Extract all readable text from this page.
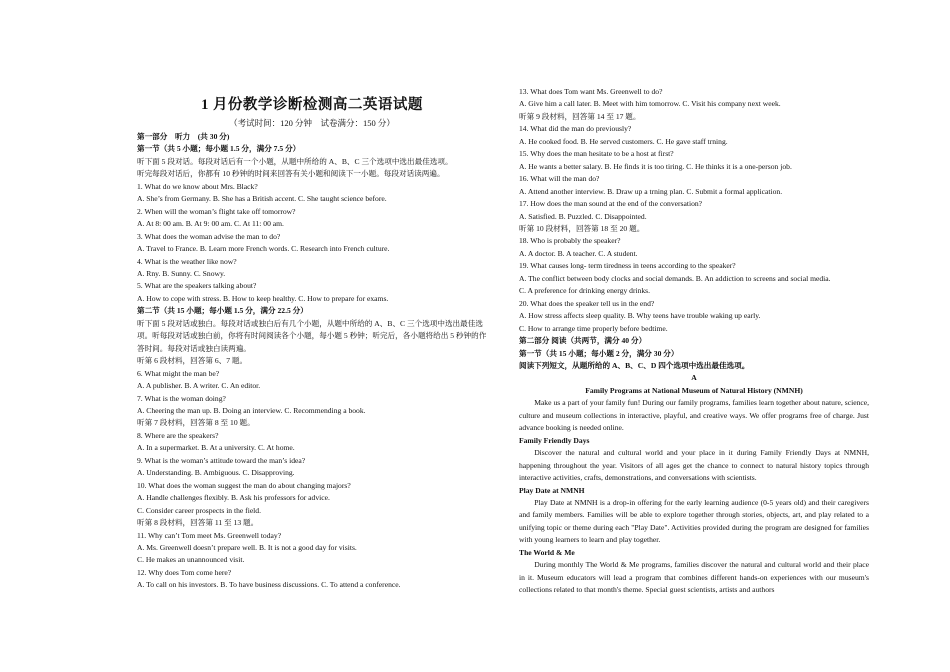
1 月份教学诊断检测高二英语试题
（考试时间：120 分钟　试卷满分：150 分）
第一部分　听力　(共 30 分)
第一节（共 5 小题；每小题 1.5 分，满分 7.5 分）
听下面 5 段对话。每段对话后有一个小题，从题中所给的 A、B、C 三个选项中选出最佳选项。
听完每段对话后，你都有 10 秒钟的时间来回答有关小题和阅读下一小题。每段对话读两遍。
1. What do we know about Mrs. Black?
A. She’s from Germany. B. She has a British accent. C. She taught science before.
2. When will the woman’s flight take off tomorrow?
A. At 8: 00 am. B. At 9: 00 am. C. At 11: 00 am.
3. What does the woman advise the man to do?
A. Travel to France. B. Learn more French words. C. Research into French culture.
4. What is the weather like now?
A. Rny. B. Sunny. C. Snowy.
5. What are the speakers talking about?
A. How to cope with stress. B. How to keep healthy. C. How to prepare for exams.
第二节（共 15 小题；每小题 1.5 分，满分 22.5 分）
听下面 5 段对话或独白。每段对话或独白后有几个小题，从题中所给的 A、B、C 三个选项中选出最佳选项。听每段对话或独白前，你将有时间阅读各个小题，每小题 5 秒钟；听完后，各小题将给出 5 秒钟的作答时间。每段对话或独白读两遍。
听第 6 段材料，回答第 6、7 题。
6. What might the man be?
A. A publisher. B. A writer. C. An editor.
7. What is the woman doing?
A. Cheering the man up. B. Doing an interview. C. Recommending a book.
听第 7 段材料，回答第 8 至 10 题。
8. Where are the speakers?
A. In a supermarket. B. At a university. C. At home.
9. What is the woman’s attitude toward the man’s idea?
A. Understanding. B. Ambiguous. C. Disapproving.
10. What does the woman suggest the man do about changing majors?
A. Handle challenges flexibly. B. Ask his professors for advice.
C. Consider career prospects in the field.
听第 8 段材料，回答第 11 至 13 题。
11. Why can’t Tom meet Ms. Greenwell today?
A. Ms. Greenwell doesn’t prepare well. B. It is not a good day for visits.
C. He makes an unannounced visit.
12. Why does Tom come here?
A. To call on his investors. B. To have business discussions. C. To attend a conference.
13. What does Tom want Ms. Greenwell to do?
A. Give him a call later. B. Meet with him tomorrow. C. Visit his company next week.
听第 9 段材料，回答第 14 至 17 题。
14. What did the man do previously?
A. He cooked food. B. He served customers. C. He gave staff trning.
15. Why does the man hesitate to be a host at first?
A. He wants a better salary. B. He finds it is too tiring. C. He thinks it is a one-person job.
16. What will the man do?
A. Attend another interview. B. Draw up a trning plan. C. Submit a formal application.
17. How does the man sound at the end of the conversation?
A. Satisfied. B. Puzzled. C. Disappointed.
听第 10 段材料，回答第 18 至 20 题。
18. Who is probably the speaker?
A. A doctor. B. A teacher. C. A student.
19. What causes long- term tiredness in teens according to the speaker?
A. The conflict between body clocks and social demands. B. An addiction to screens and social media.
C. A preference for drinking energy drinks.
20. What does the speaker tell us in the end?
A. How stress affects sleep quality. B. Why teens have trouble waking up early.
C. How to arrange time properly before bedtime.
第二部分 阅读（共两节，满分 40 分）
第一节（共 15 小题；每小题 2 分，满分 30 分）
阅读下列短文，从题所给的 A、B、C、D 四个选项中选出最佳选项。
A
Family Programs at National Museum of Natural History (NMNH)
Make us a part of your family fun! During our family programs, families learn together about nature, science, culture and museum collections in interactive, playful, and creative ways. We offer programs free of charge. Just advance booking is needed online.
Family Friendly Days
Discover the natural and cultural world and your place in it during Family Friendly Days at NMNH, happening throughout the year. Visitors of all ages get the chance to connect to natural history topics through interactive activities, crafts, demonstrations, and conversations with scientists.
Play Date at NMNH
Play Date at NMNH is a drop-in offering for the early learning audience (0-5 years old) and their caregivers and family members. Families will be able to explore together through stories, objects, art, and play related to a unifying topic or theme during each "Play Date". Activities provided during the program are designed for families with young learners to learn and play together.
The World & Me
During monthly The World & Me programs, families discover the natural and cultural world and their place in it. Museum educators will lead a program that combines different hands-on experiences with our museum's collections related to that month's theme. Special guest scientists, artists and authors
